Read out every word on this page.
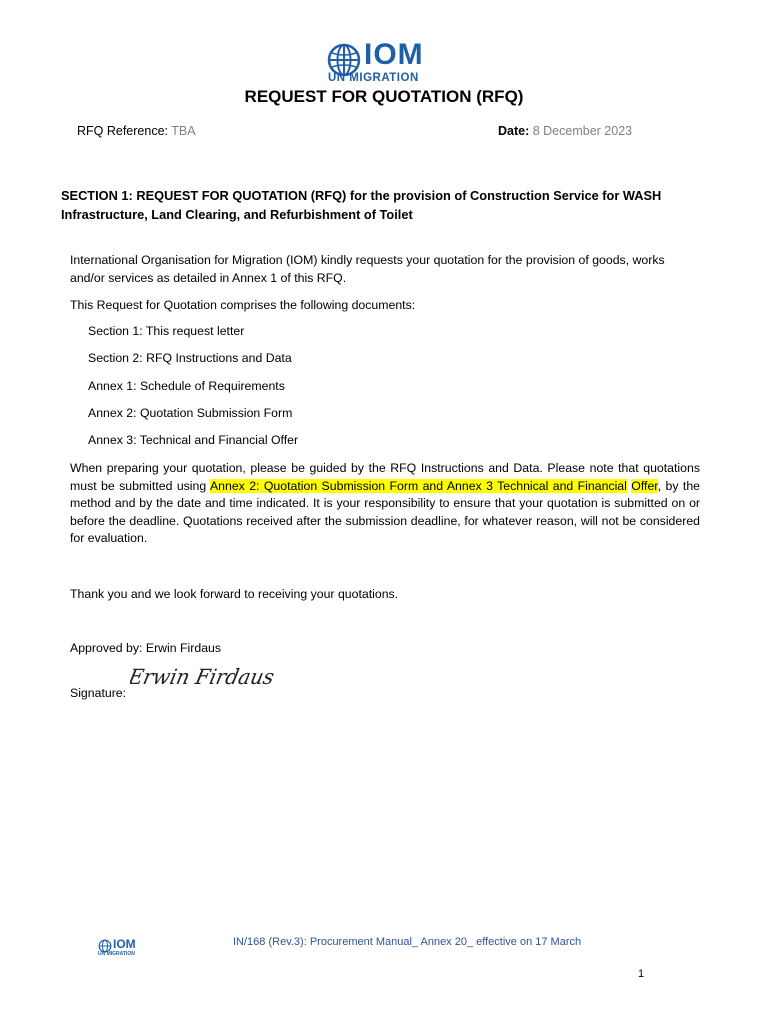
IOM
UN MIGRATION
REQUEST FOR QUOTATION (RFQ)
RFQ Reference: TBA	Date: 8 December 2023
SECTION 1: REQUEST FOR QUOTATION (RFQ) for the provision of Construction Service for WASH Infrastructure, Land Clearing, and Refurbishment of Toilet
International Organisation for Migration (IOM) kindly requests your quotation for the provision of goods, works and/or services as detailed in Annex 1 of this RFQ.
This Request for Quotation comprises the following documents:
Section 1: This request letter
Section 2: RFQ Instructions and Data
Annex 1: Schedule of Requirements
Annex 2: Quotation Submission Form
Annex 3: Technical and Financial Offer
When preparing your quotation, please be guided by the RFQ Instructions and Data. Please note that quotations must be submitted using Annex 2: Quotation Submission Form and Annex 3 Technical and Financial Offer, by the method and by the date and time indicated. It is your responsibility to ensure that your quotation is submitted on or before the deadline. Quotations received after the submission deadline, for whatever reason, will not be considered for evaluation.
Thank you and we look forward to receiving your quotations.
Approved by: Erwin Firdaus
Erwin Firdaus
Signature:
IOM
UN MIGRATION
IN/168 (Rev.3): Procurement Manual_ Annex 20_ effective on 17 March
1
